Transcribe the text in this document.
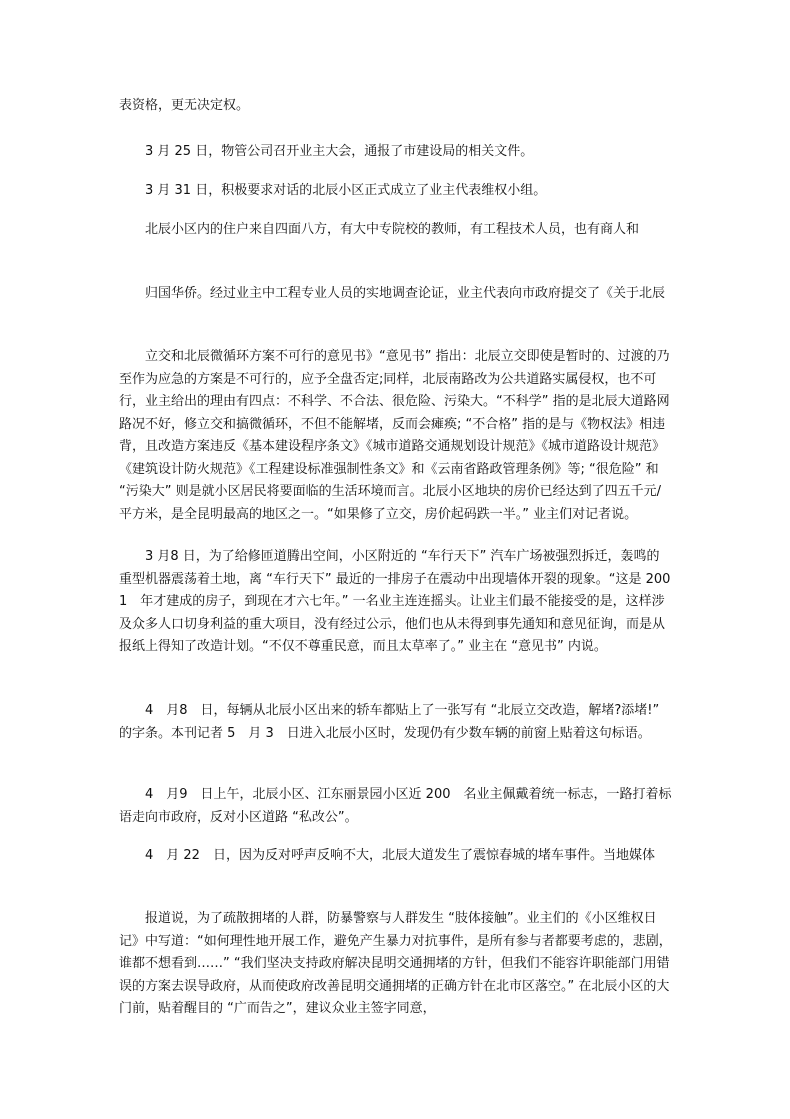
表资格，更无决定权。

3 月 25 日，物管公司召开业主大会，通报了市建设局的相关文件。

3 月 31 日，积极要求对话的北辰小区正式成立了业主代表维权小组。

北辰小区内的住户来自四面八方，有大中专院校的教师，有工程技术人员，也有商人和

归国华侨。经过业主中工程专业人员的实地调查论证，业主代表向市政府提交了《关于北辰

立交和北辰微循环方案不可行的意见书》“意见书” 指出：北辰立交即使是暂时的、过渡的乃至作为应急的方案是不可行的，应予全盘否定;同样，北辰南路改为公共道路实属侵权，也不可行，业主给出的理由有四点：不科学、不合法、很危险、污染大。“不科学” 指的是北辰大道路网路况不好，修立交和搞微循环，不但不能解堵，反而会瘫痪; “不合格” 指的是与《物权法》相违背，且改造方案违反《基本建设程序条文》《城市道路交通规划设计规范》《城市道路设计规范》《建筑设计防火规范》《工程建设标准强制性条文》和《云南省路政管理条例》等; “很危险” 和 “污染大” 则是就小区居民将要面临的生活环境而言。北辰小区地块的房价已经达到了四五千元/平方米，是全昆明最高的地区之一。“如果修了立交，房价起码跌一半。” 业主们对记者说。

3 月8 日，为了给修匝道腾出空间，小区附近的 “车行天下” 汽车广场被强烈拆迁，轰鸣的重型机器震荡着土地，离 “车行天下” 最近的一排房子在震动中出现墙体开裂的现象。“这是 2001　年才建成的房子，到现在才六七年。” 一名业主连连摇头。让业主们最不能接受的是，这样涉及众多人口切身利益的重大项目，没有经过公示，他们也从未得到事先通知和意见征询，而是从报纸上得知了改造计划。“不仅不尊重民意，而且太草率了。” 业主在 “意见书” 内说。

4　月8　日，每辆从北辰小区出来的轿车都贴上了一张写有 “北辰立交改造，解堵?添堵!” 的字条。本刊记者 5　月 3　日进入北辰小区时，发现仍有少数车辆的前窗上贴着这句标语。

4　月9　日上午，北辰小区、江东丽景园小区近 200　名业主佩戴着统一标志，一路打着标语走向市政府，反对小区道路 “私改公”。

4　月 22　日，因为反对呼声反响不大，北辰大道发生了震惊春城的堵车事件。当地媒体

报道说，为了疏散拥堵的人群，防暴警察与人群发生 “肢体接触”。业主们的《小区维权日记》中写道：“如何理性地开展工作，避免产生暴力对抗事件，是所有参与者都要考虑的，悲剧，谁都不想看到……” “我们坚决支持政府解决昆明交通拥堵的方针，但我们不能容许职能部门用错误的方案去误导政府，从而使政府改善昆明交通拥堵的正确方针在北市区落空。” 在北辰小区的大门前，贴着醒目的 “广而告之”，建议众业主签字同意，
